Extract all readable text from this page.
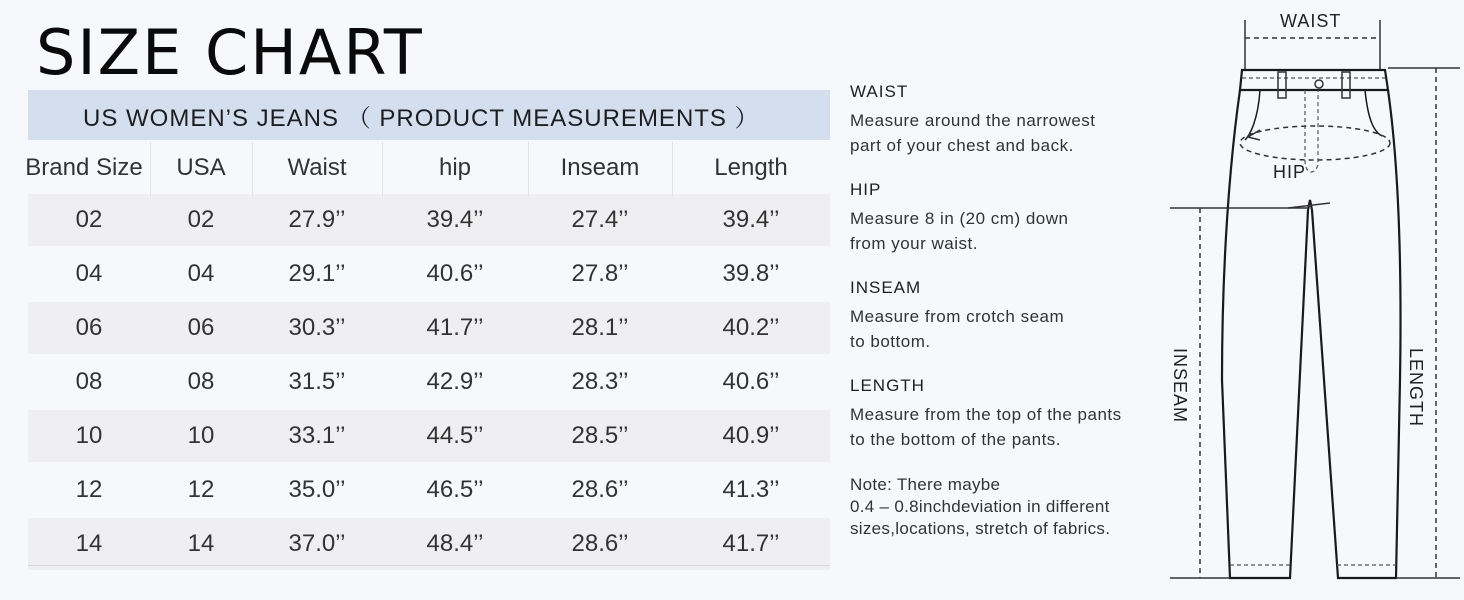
SIZE CHART
US WOMEN’S JEANS （ PRODUCT MEASUREMENTS ）
Brand Size	USA	Waist	hip	Inseam	Length
02	02	27.9’’	39.4’’	27.4’’	39.4’’
04	04	29.1’’	40.6’’	27.8’’	39.8’’
06	06	30.3’’	41.7’’	28.1’’	40.2’’
08	08	31.5’’	42.9’’	28.3’’	40.6’’
10	10	33.1’’	44.5’’	28.5’’	40.9’’
12	12	35.0’’	46.5’’	28.6’’	41.3’’
14	14	37.0’’	48.4’’	28.6’’	41.7’’
WAIST
Measure around the narrowest
part of your chest and back.
HIP
Measure 8 in (20 cm) down
from your waist.
INSEAM
Measure from crotch seam
to bottom.
LENGTH
Measure from the top of the pants
to the bottom of the pants.
Note: There maybe
0.4 – 0.8inchdeviation in different
sizes,locations, stretch of fabrics.
WAIST
HIP
INSEAM	LENGTH
